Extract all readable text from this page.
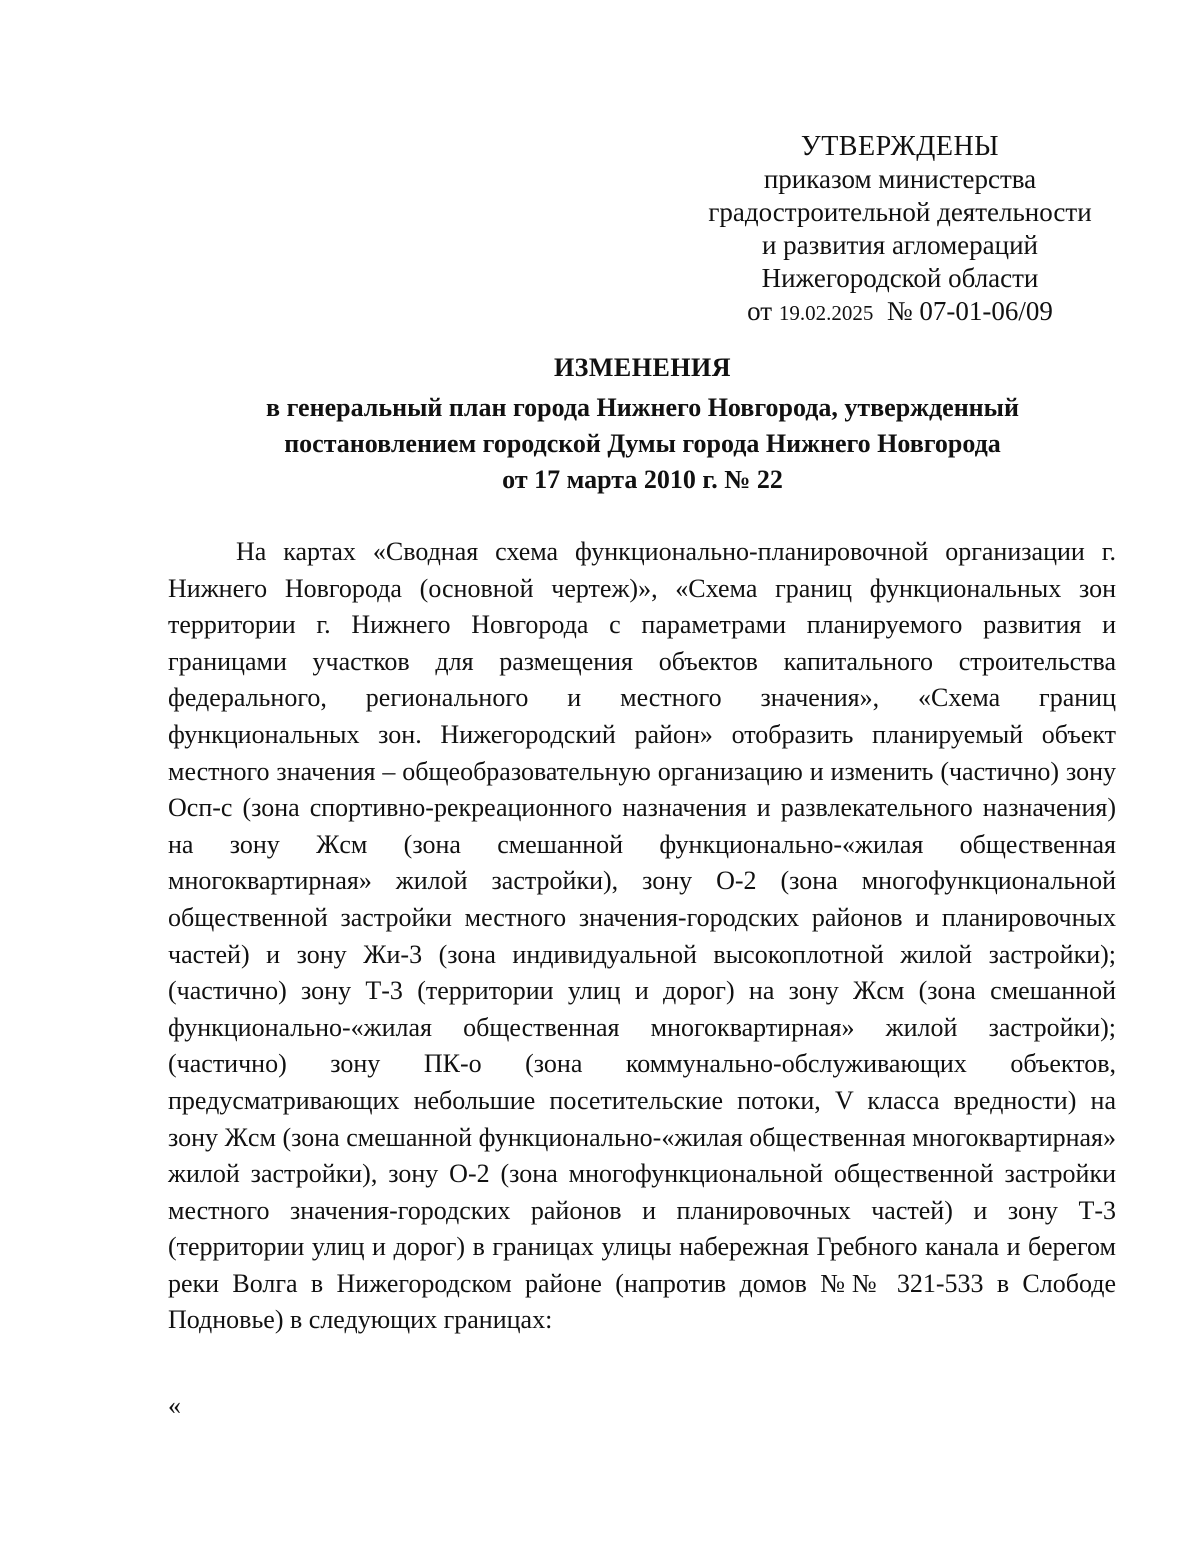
УТВЕРЖДЕНЫ
приказом министерства
градостроительной деятельности
и развития агломераций
Нижегородской области
от 19.02.2025 № 07-01-06/09
ИЗМЕНЕНИЯ
в генеральный план города Нижнего Новгорода, утвержденный
постановлением городской Думы города Нижнего Новгорода
от 17 марта 2010 г. № 22

На картах «Сводная схема функционально-планировочной организации г. Нижнего Новгорода (основной чертеж)», «Схема границ функциональных зон территории г. Нижнего Новгорода с параметрами планируемого развития и границами участков для размещения объектов капитального строительства федерального, регионального и местного значения», «Схема границ функциональных зон. Нижегородский район» отобразить планируемый объект местного значения – общеобразовательную организацию и изменить (частично) зону Осп-с (зона спортивно-рекреационного назначения и развлекательного назначения) на зону Жсм (зона смешанной функционально-«жилая общественная многоквартирная» жилой застройки), зону О-2 (зона многофункциональной общественной застройки местного значения-городских районов и планировочных частей) и зону Жи-3 (зона индивидуальной высокоплотной жилой застройки); (частично) зону Т-3 (территории улиц и дорог) на зону Жсм (зона смешанной функционально-«жилая общественная многоквартирная» жилой застройки); (частично) зону ПК-о (зона коммунально-обслуживающих объектов, предусматривающих небольшие посетительские потоки, V класса вредности) на зону Жсм (зона смешанной функционально-«жилая общественная многоквартирная» жилой застройки), зону О-2 (зона многофункциональной общественной застройки местного значения-городских районов и планировочных частей) и зону Т-3 (территории улиц и дорог) в границах улицы набережная Гребного канала и берегом реки Волга в Нижегородском районе (напротив домов №№ 321-533 в Слободе Подновье) в следующих границах:

«
